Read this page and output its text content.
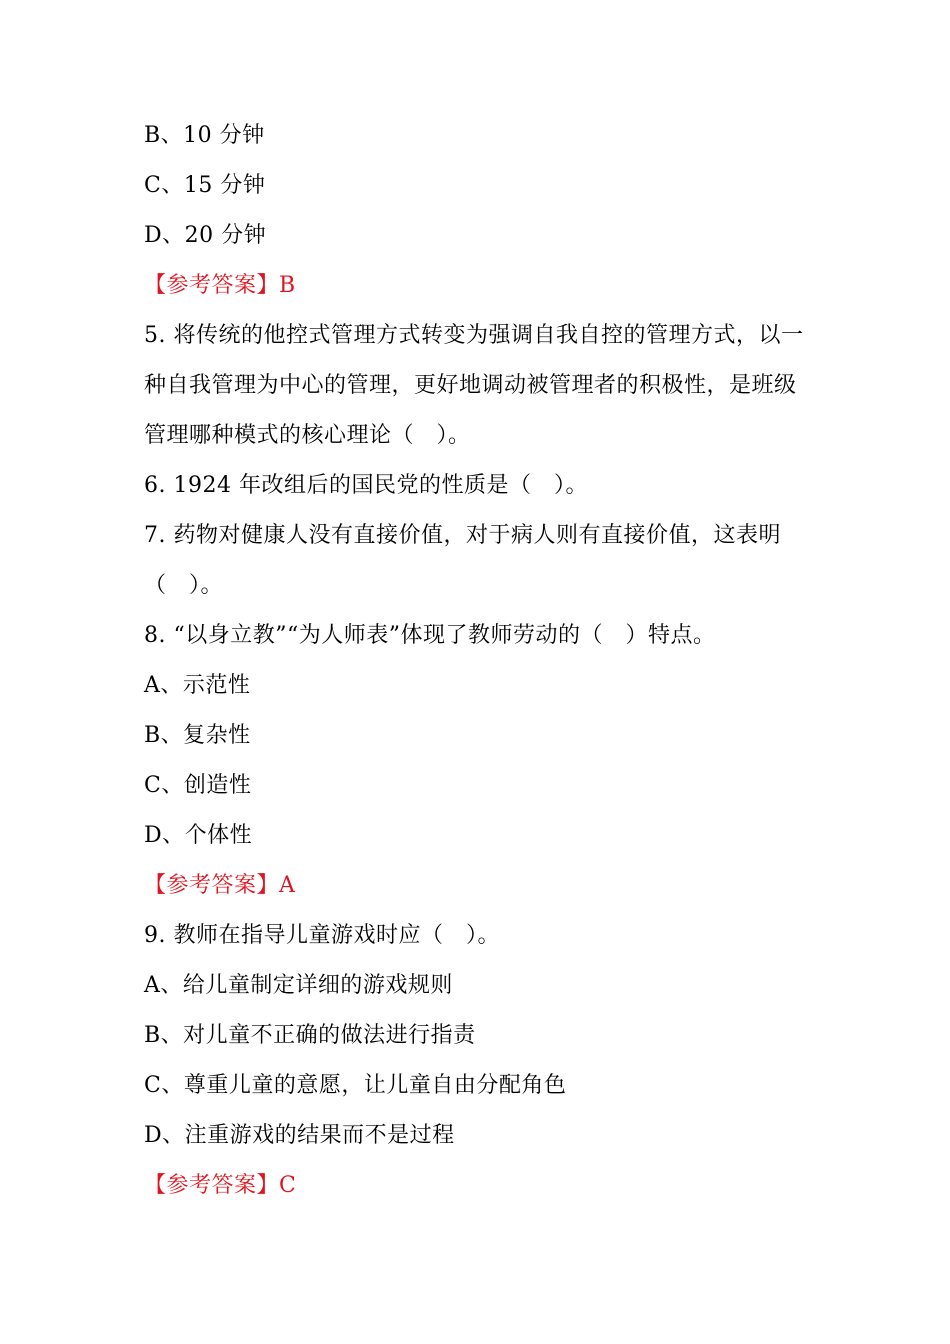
B、10 分钟
C、15 分钟
D、20 分钟
【参考答案】B
5. 将传统的他控式管理方式转变为强调自我自控的管理方式，以一
种自我管理为中心的管理，更好地调动被管理者的积极性，是班级
管理哪种模式的核心理论（　）。
6. 1924 年改组后的国民党的性质是（　）。
7. 药物对健康人没有直接价值，对于病人则有直接价值，这表明
（　）。
8. “以身立教”“为人师表”体现了教师劳动的（　）特点。
A、示范性
B、复杂性
C、创造性
D、个体性
【参考答案】A
9. 教师在指导儿童游戏时应（　）。
A、给儿童制定详细的游戏规则
B、对儿童不正确的做法进行指责
C、尊重儿童的意愿，让儿童自由分配角色
D、注重游戏的结果而不是过程
【参考答案】C
